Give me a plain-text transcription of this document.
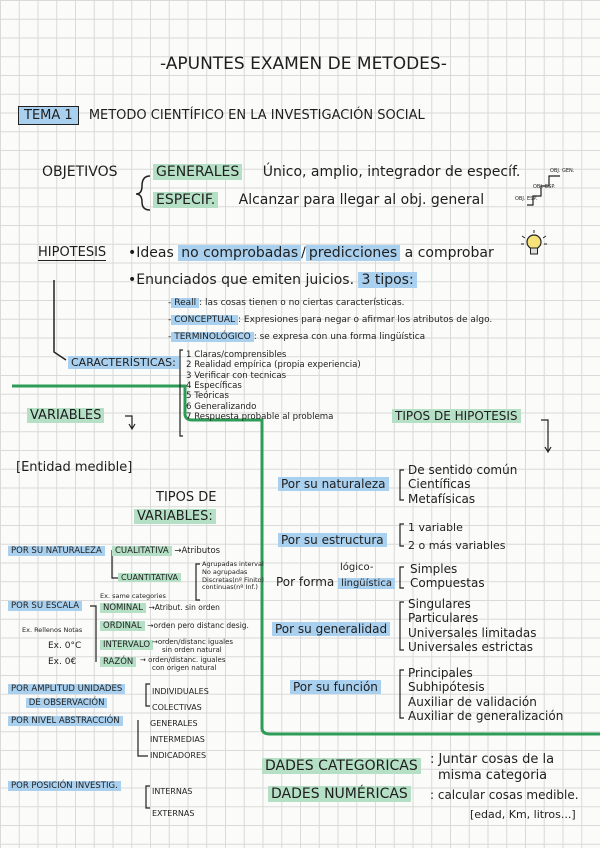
-APUNTES EXAMEN DE METODES-
TEMA 1 METODO CIENTÍFICO EN LA INVESTIGACIÓN SOCIAL
OBJETIVOS	GENERALES Único, amplio, integrador de específ.
ESPECIF. Alcanzar para llegar al obj. general
OBJ. GEN.
OBJ. ESP.
OBJ. ESP.
HIPOTESIS •Ideas no comprobadas / predicciones a comprobar
•Enunciados que emiten juicios. 3 tipos:
- Reall : las cosas tienen o no ciertas características.
- CONCEPTUAL : Expresiones para negar o afirmar los atributos de algo.
- TERMINOLÓGICO : se expresa con una forma lingüística
CARACTERÍSTICAS:
1 Claras/comprensibles
2 Realidad empírica (propia experiencia)
3 Verificar con tecnicas
4 Específicas
5 Teóricas
6 Generalizando
7 Respuesta probable al problema
VARIABLES
[Entidad medible]
TIPOS DE
VARIABLES:
POR SU NATURALEZA	CUALITATIVA →Atributos
CUANTITATIVA
Agrupadas interval
No agrupadas
Discretas(nº Finito)
continuas(nº Inf.)
Ex. same categories
POR SU ESCALA	NOMINAL →Atribut. sin orden
Ex. Rellenos Notas	ORDINAL →orden pero distanc desig.
Ex. 0°C	INTERVALO →orden/distanc iguales
sin orden natural
Ex. 0€	RAZÓN → orden/distanc. iguales
con origen natural
POR AMPLITUD UNIDADES
DE OBSERVACIÓN
INDIVIDUALES
COLECTIVAS
POR NIVEL ABSTRACCIÓN	GENERALES
INTERMEDIAS
INDICADORES
POR POSICIÓN INVESTIG.
INTERNAS
EXTERNAS
TIPOS DE HIPOTESIS
Por su naturaleza
De sentido común
Científicas
Metafísicas
Por su estructura
1 variable
2 o más variables
lógico-
Por forma lingüística
Simples
Compuestas
Por su generalidad
Singulares
Particulares
Universales limitadas
Universales estrictas
Por su función
Principales
Subhipótesis
Auxiliar de validación
Auxiliar de generalización
DADES CATEGORICAS : Juntar cosas de la
misma categoria
DADES NUMÉRICAS : calcular cosas medible.
[edad, Km, litros...]
